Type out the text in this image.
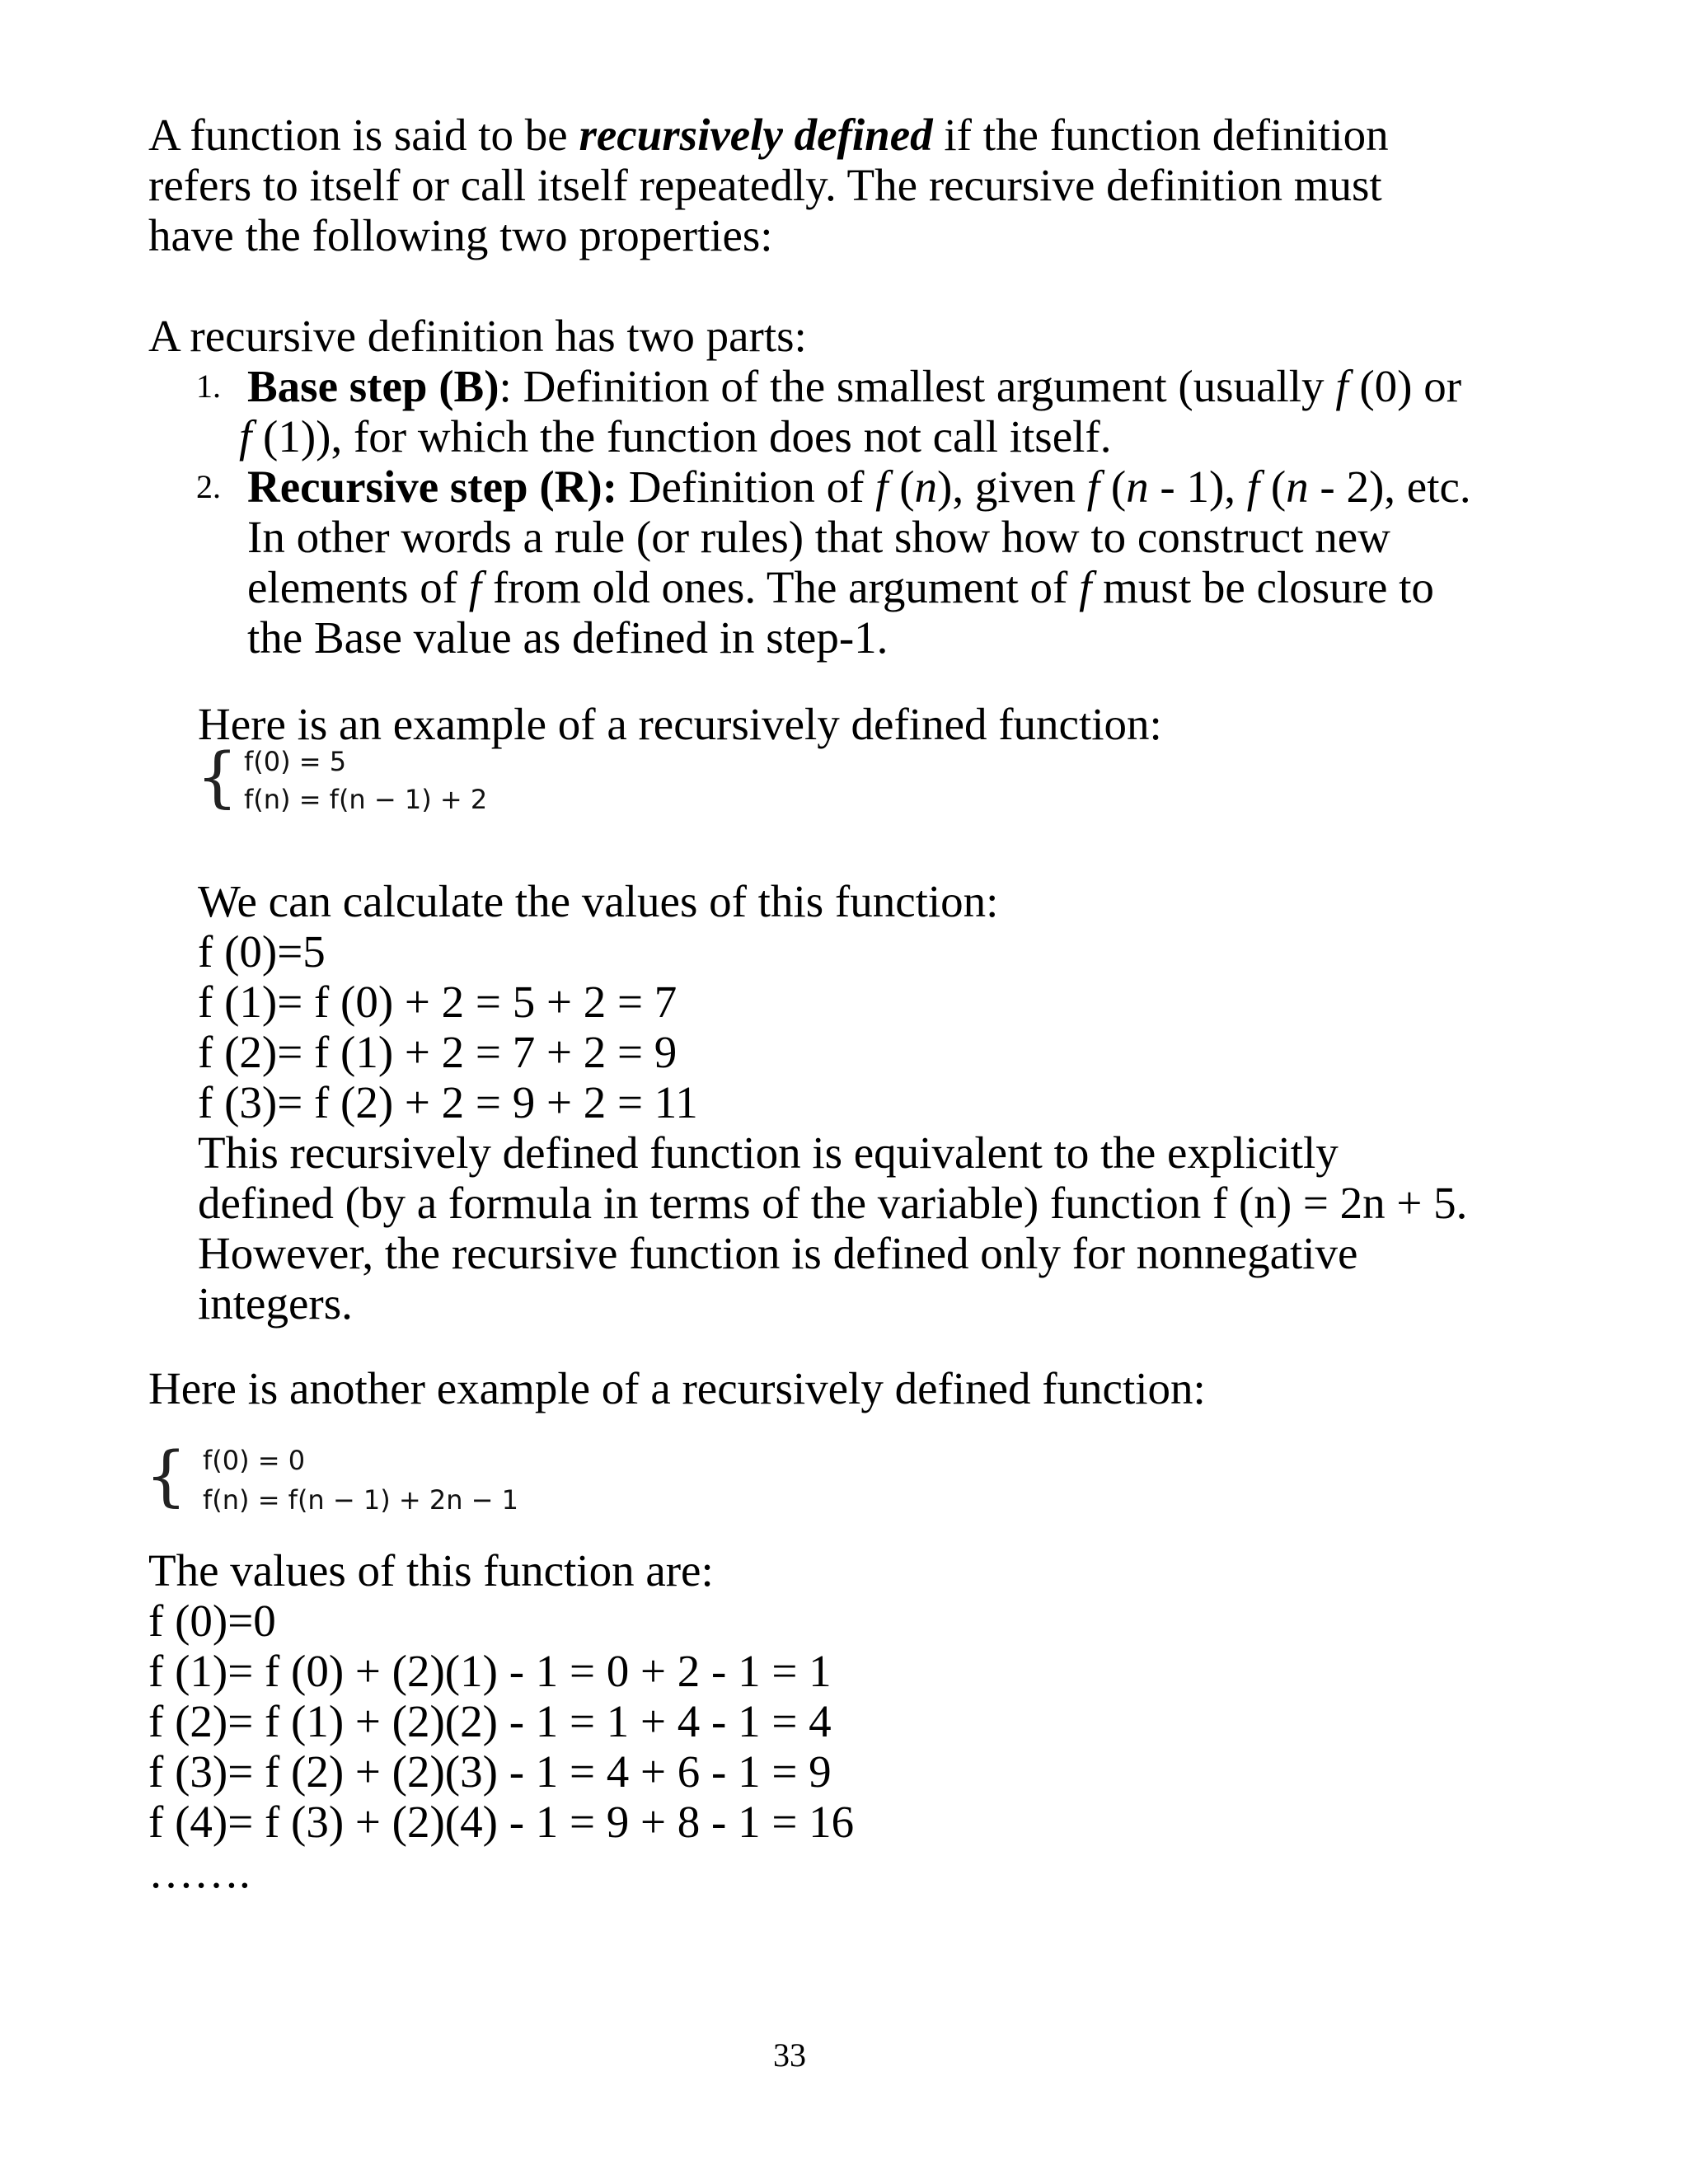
A function is said to be recursively defined if the function definition
refers to itself or call itself repeatedly. The recursive definition must
have the following two properties:
A recursive definition has two parts:
1. Base step (B): Definition of the smallest argument (usually f (0) or
f (1)), for which the function does not call itself.
2. Recursive step (R): Definition of f (n), given f (n - 1), f (n - 2), etc.
In other words a rule (or rules) that show how to construct new
elements of f from old ones. The argument of f must be closure to
the Base value as defined in step-1.
Here is an example of a recursively defined function:
{ f(0) = 5
f(n) = f(n − 1) + 2
We can calculate the values of this function:
f (0)=5
f (1)= f (0) + 2 = 5 + 2 = 7
f (2)= f (1) + 2 = 7 + 2 = 9
f (3)= f (2) + 2 = 9 + 2 = 11
This recursively defined function is equivalent to the explicitly
defined (by a formula in terms of the variable) function f (n) = 2n + 5.
However, the recursive function is defined only for nonnegative
integers.
Here is another example of a recursively defined function:
{ f(0) = 0
f(n) = f(n − 1) + 2n − 1
The values of this function are:
f (0)=0
f (1)= f (0) + (2)(1) - 1 = 0 + 2 - 1 = 1
f (2)= f (1) + (2)(2) - 1 = 1 + 4 - 1 = 4
f (3)= f (2) + (2)(3) - 1 = 4 + 6 - 1 = 9
f (4)= f (3) + (2)(4) - 1 = 9 + 8 - 1 = 16
…….
33
